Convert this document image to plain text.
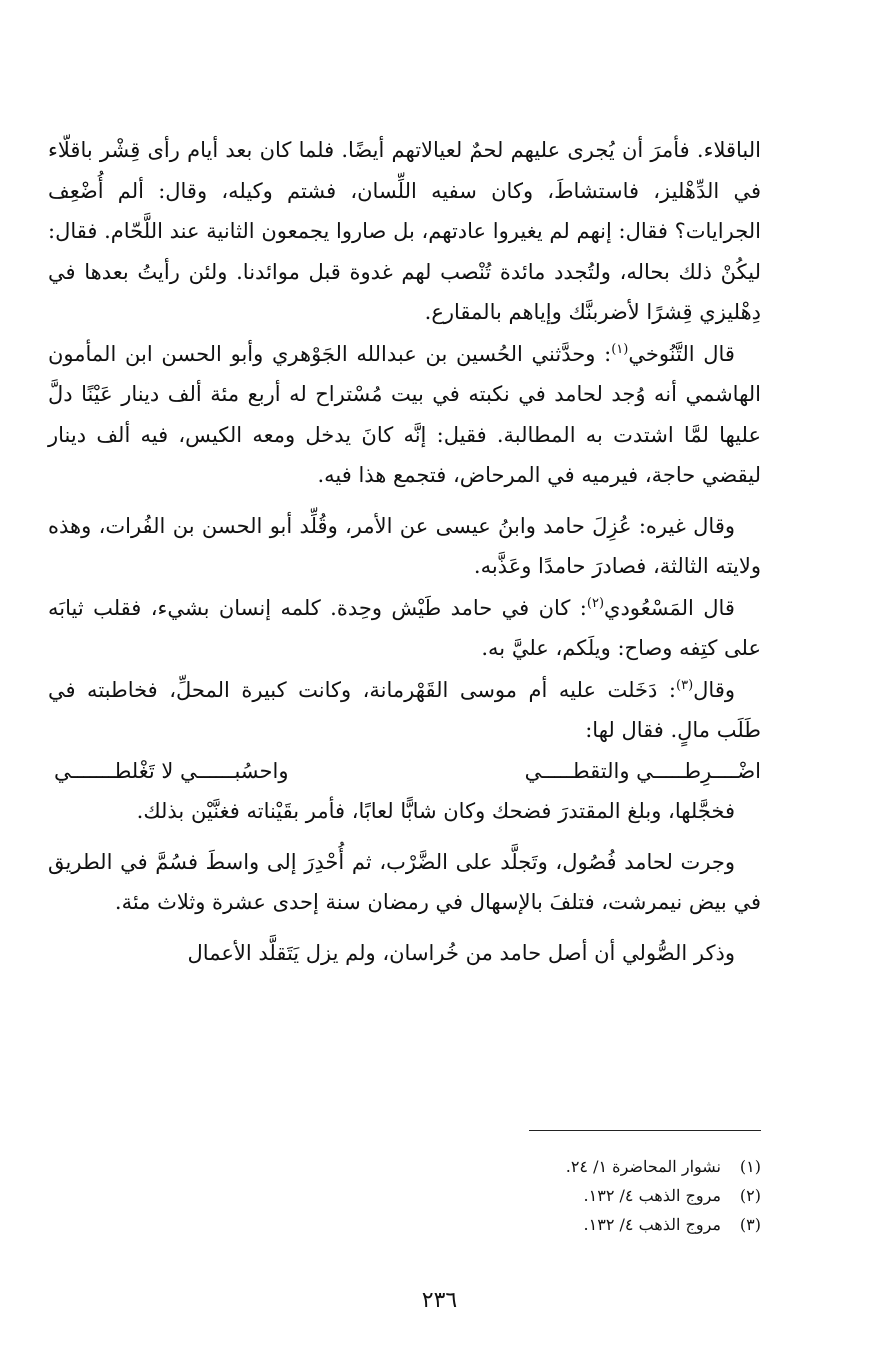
الباقلاء. فأمرَ أن يُجرى عليهم لحمٌ لعيالاتهم أيضًا. فلما كان بعد أيام رأى قِشْر باقلّاء في الدِّهْليز، فاستشاطَ، وكان سفيه اللِّسان، فشتم وكيله، وقال: ألم أُضْعِف الجرايات؟ فقال: إنهم لم يغيروا عادتهم، بل صاروا يجمعون الثانية عند اللَّحّام. فقال: ليكُنْ ذلك بحاله، ولتُجدد مائدة تُنْصب لهم غدوة قبل موائدنا. ولئن رأيتُ بعدها في دِهْليزي قِشرًا لأضربنَّك وإياهم بالمقارع.

قال التَّنُوخي$^{(١)}$: وحدَّثني الحُسين بن عبدالله الجَوْهري وأبو الحسن ابن المأمون الهاشمي أنه وُجد لحامد في نكبته في بيت مُسْتراح له أربع مئة ألف دينار عَيْنًا دلَّ عليها لمَّا اشتدت به المطالبة. فقيل: إنَّه كانَ يدخل ومعه الكيس، فيه ألف دينار ليقضي حاجة، فيرميه في المرحاض، فتجمع هذا فيه.

وقال غيره: عُزِلَ حامد وابنُ عيسى عن الأمر، وقُلِّد أبو الحسن بن الفُرات، وهذه ولايته الثالثة، فصادرَ حامدًا وعَذَّبه.

قال المَسْعُودي$^{(٢)}$: كان في حامد طَيْش وحِدة. كلمه إنسان بشيء، فقلب ثيابَه على كتِفه وصاح: ويلَكم، عليَّ به.

وقال$^{(٣)}$: دَخَلت عليه أم موسى القَهْرمانة، وكانت كبيرة المحلِّ، فخاطبته في طَلَب مالٍ. فقال لها:

اضْــــرِطـــــي والتقطـــــي
واحسُبــــــي لا تَغْلطـــــــي

فخجَّلها، وبلغ المقتدرَ فضحك وكان شابًّا لعابًا، فأمر بقَيْناته فغنَّيْن بذلك.

وجرت لحامد فُصُول، وتَجلَّد على الضَّرْب، ثم أُحْدِرَ إلى واسطَ فسُمَّ في الطريق في بيض نيمرشت، فتلفَ بالإسهال في رمضان سنة إحدى عشرة وثلاث مئة.

وذكر الصُّولي أن أصل حامد من خُراسان، ولم يزل يَتَقلَّد الأعمال

(١)نشوار المحاضرة ١/ ٢٤.

(٢)مروج الذهب ٤/ ١٣٢.

(٣)مروج الذهب ٤/ ١٣٢.

٢٣٦
